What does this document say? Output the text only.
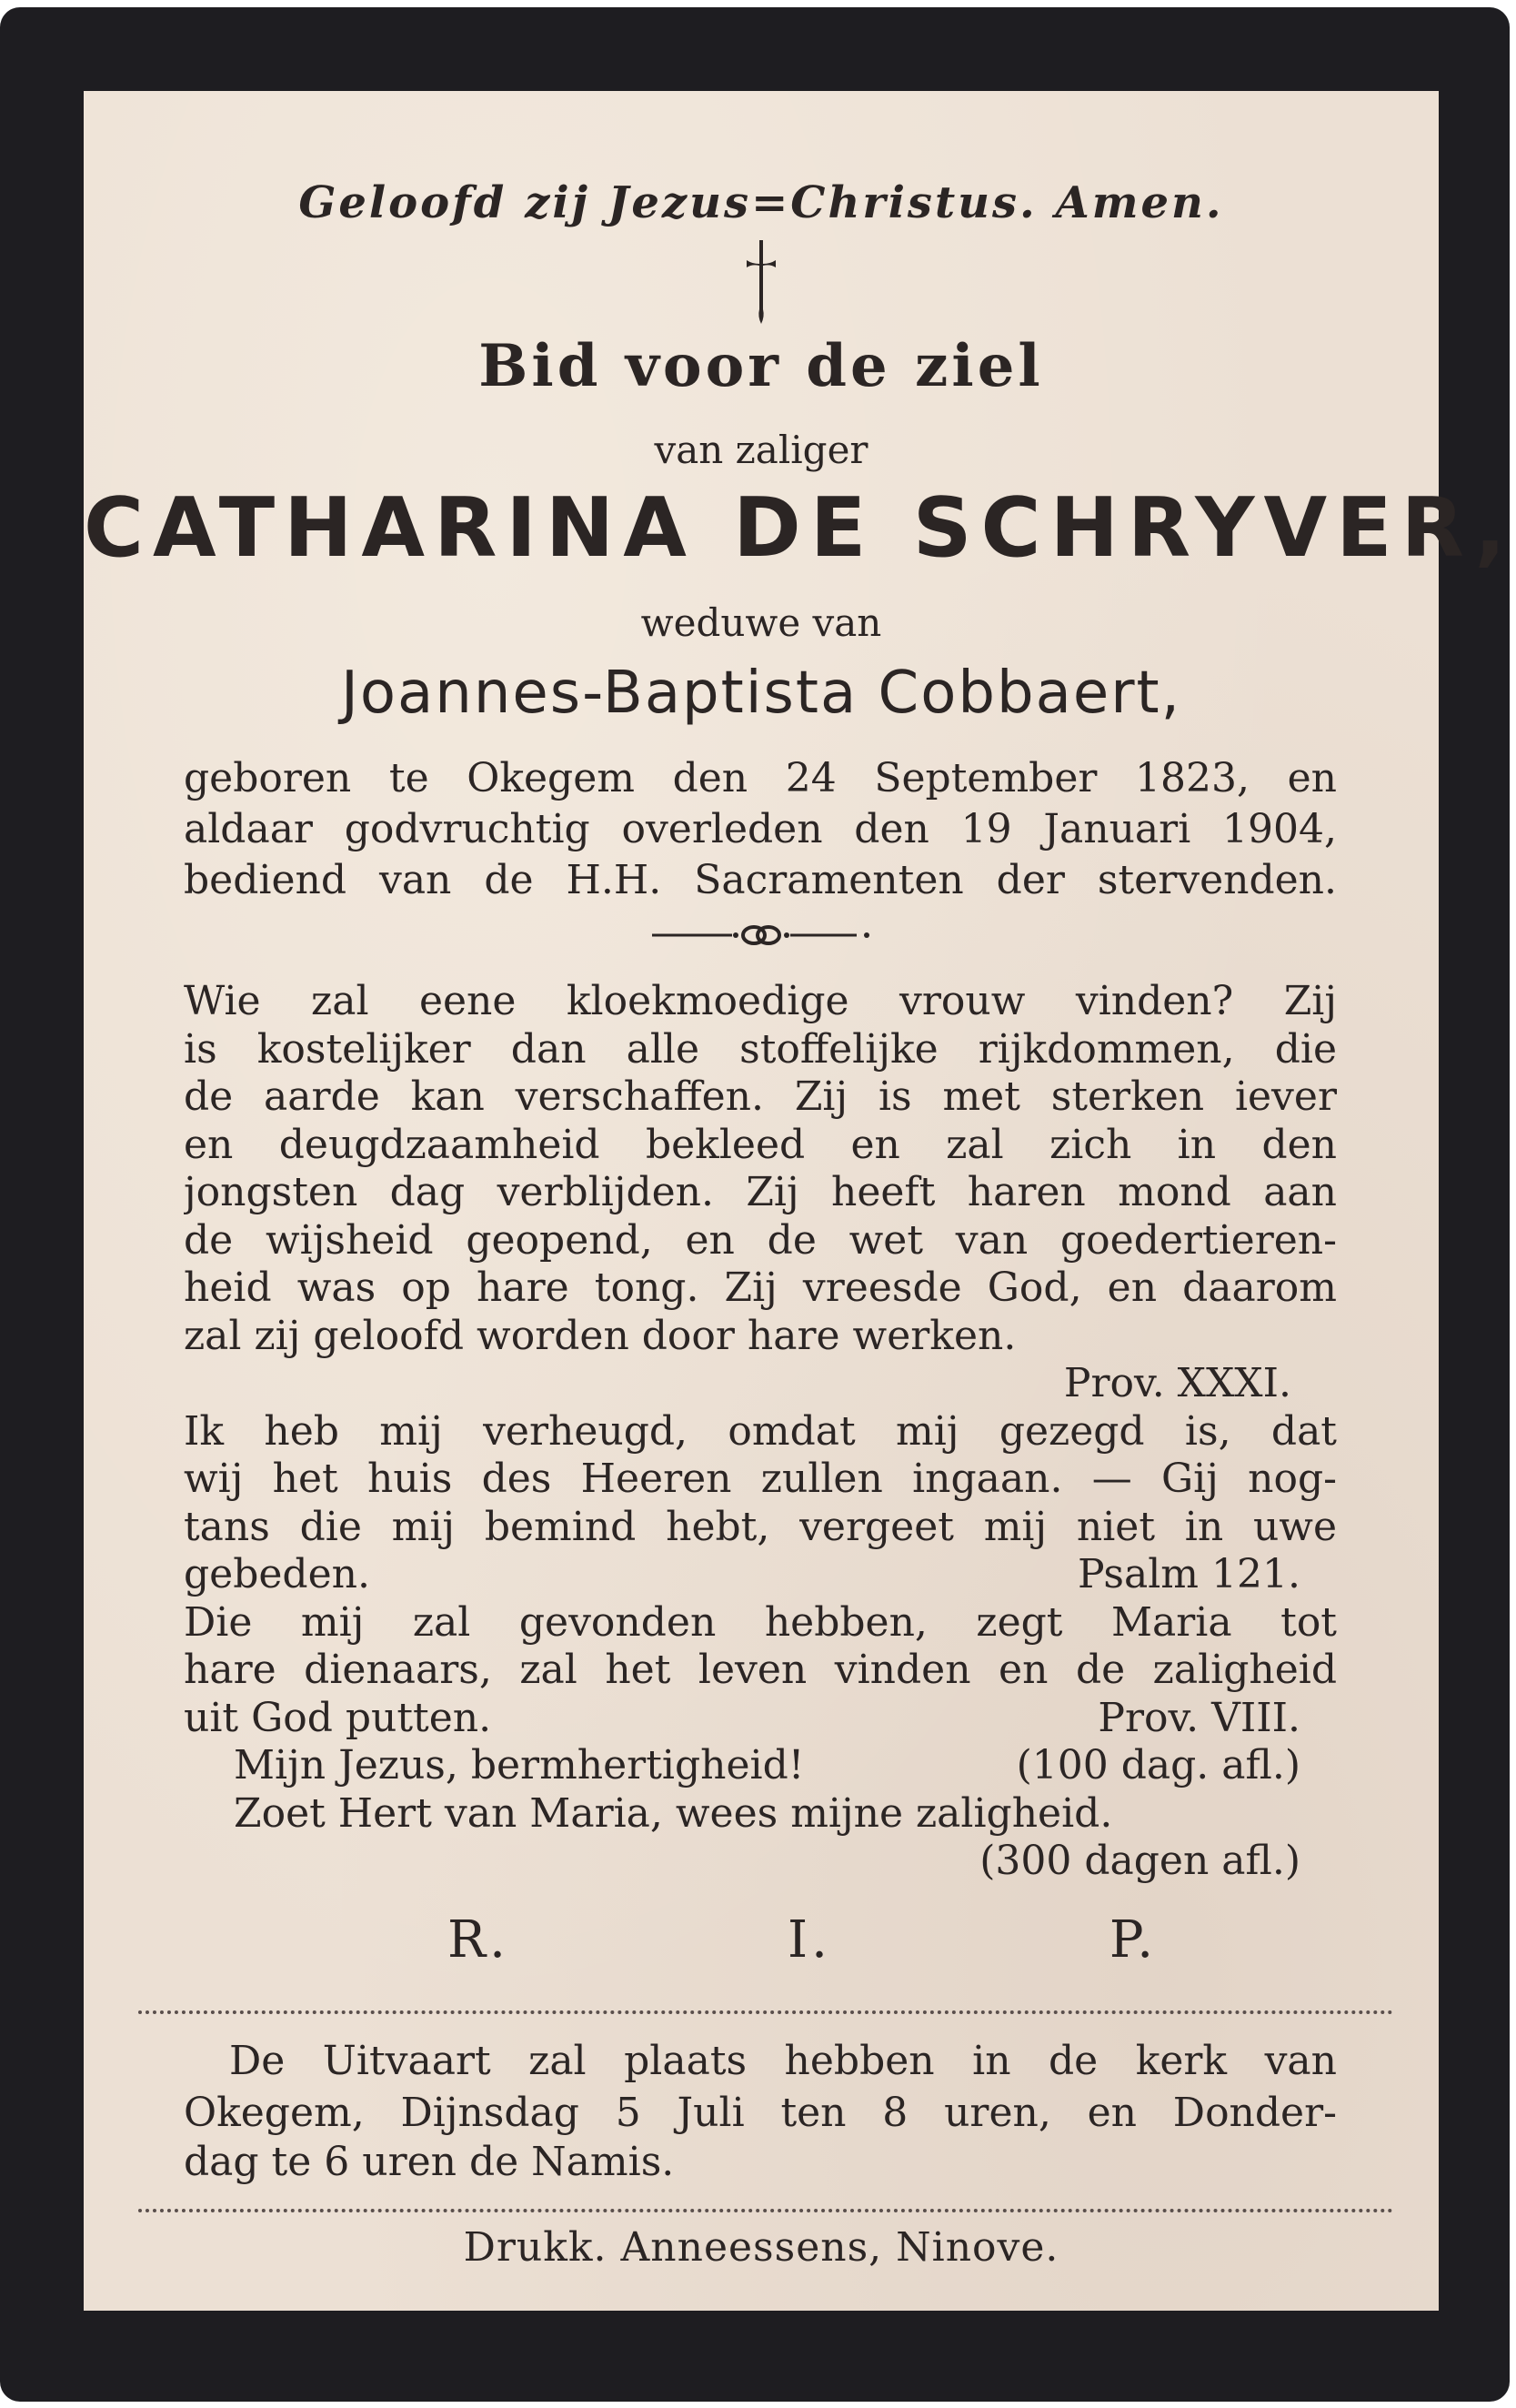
Geloofd zij Jezus=Christus. Amen.
Bid voor de ziel
van zaliger
CATHARINA DE SCHRYVER,
weduwe van
Joannes-Baptista Cobbaert,
geboren te Okegem den 24 September 1823, en
aldaar godvruchtig overleden den 19 Januari 1904,
bediend van de H.H. Sacramenten der stervenden.
Wie zal eene kloekmoedige vrouw vinden? Zij
is kostelijker dan alle stoffelijke rijkdommen, die
de aarde kan verschaffen. Zij is met sterken iever
en deugdzaamheid bekleed en zal zich in den
jongsten dag verblijden. Zij heeft haren mond aan
de wijsheid geopend, en de wet van goedertieren-
heid was op hare tong. Zij vreesde God, en daarom
zal zij geloofd worden door hare werken.
Prov. XXXI.
Ik heb mij verheugd, omdat mij gezegd is, dat
wij het huis des Heeren zullen ingaan. — Gij nog-
tans die mij bemind hebt, vergeet mij niet in uwe
gebeden.	Psalm 121.
Die mij zal gevonden hebben, zegt Maria tot
hare dienaars, zal het leven vinden en de zaligheid
uit God putten.	Prov. VIII.
Mijn Jezus, bermhertigheid!	(100 dag. afl.)
Zoet Hert van Maria, wees mijne zaligheid.
(300 dagen afl.)
R.	I.	P.
De Uitvaart zal plaats hebben in de kerk van
Okegem, Dijnsdag 5 Juli ten 8 uren, en Donder-
dag te 6 uren de Namis.
Drukk. Anneessens, Ninove.
